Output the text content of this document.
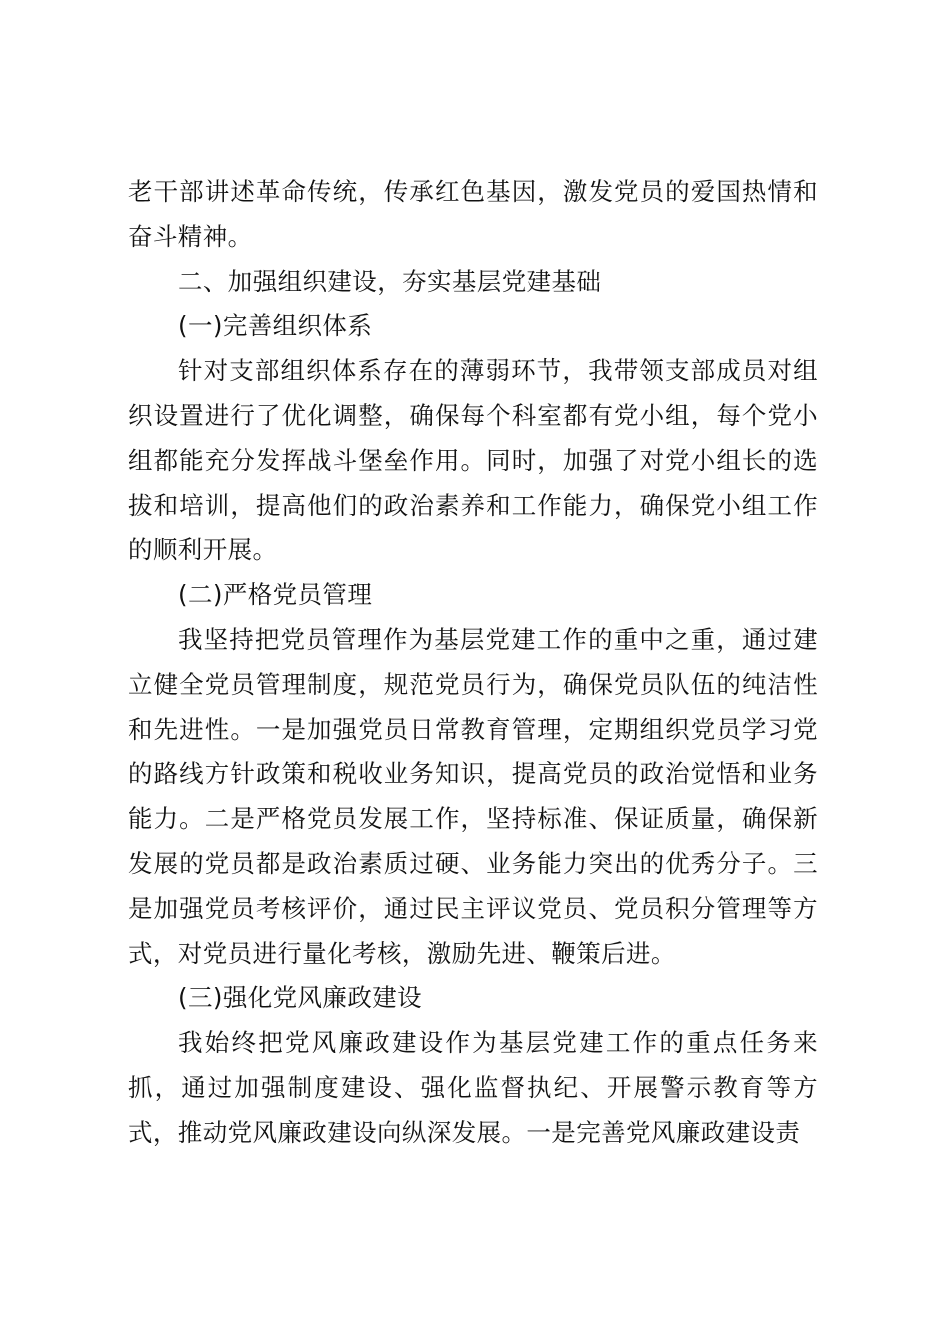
老干部讲述革命传统，传承红色基因，激发党员的爱国热情和奋斗精神。

二、加强组织建设，夯实基层党建基础

(一)完善组织体系

针对支部组织体系存在的薄弱环节，我带领支部成员对组织设置进行了优化调整，确保每个科室都有党小组，每个党小组都能充分发挥战斗堡垒作用。同时，加强了对党小组长的选拔和培训，提高他们的政治素养和工作能力，确保党小组工作的顺利开展。

(二)严格党员管理

我坚持把党员管理作为基层党建工作的重中之重，通过建立健全党员管理制度，规范党员行为，确保党员队伍的纯洁性和先进性。一是加强党员日常教育管理，定期组织党员学习党的路线方针政策和税收业务知识，提高党员的政治觉悟和业务能力。二是严格党员发展工作，坚持标准、保证质量，确保新发展的党员都是政治素质过硬、业务能力突出的优秀分子。三是加强党员考核评价，通过民主评议党员、党员积分管理等方式，对党员进行量化考核，激励先进、鞭策后进。

(三)强化党风廉政建设

我始终把党风廉政建设作为基层党建工作的重点任务来抓，通过加强制度建设、强化监督执纪、开展警示教育等方式，推动党风廉政建设向纵深发展。一是完善党风廉政建设责
